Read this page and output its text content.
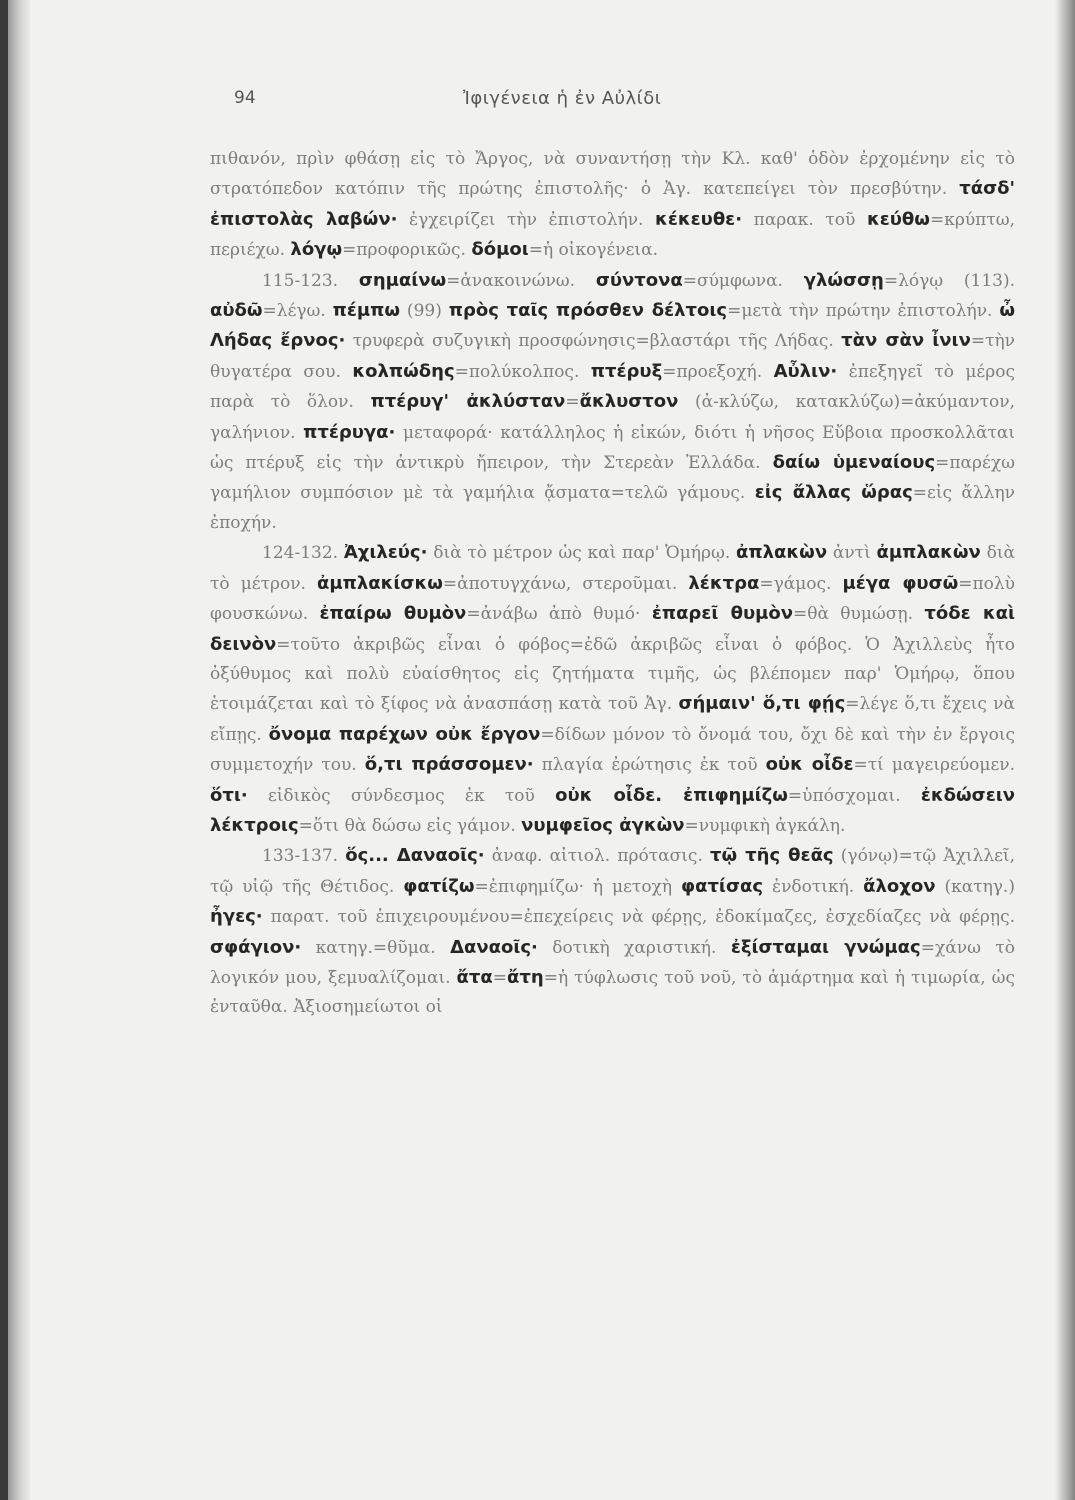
94	Ἰφιγένεια ἡ ἐν Αὐλίδι

πιθανόν, πρὶν φθάσῃ εἰς τὸ Ἄργος, νὰ συναντήσῃ τὴν Κλ. καθ' ὁδὸν ἐρχομένην εἰς τὸ στρατόπεδον κατόπιν τῆς πρώτης ἐπιστολῆς· ὁ Ἀγ. κατεπείγει τὸν πρεσβύτην. τάσδ' ἐπιστολὰς λαβών· ἐγχειρίζει τὴν ἐπιστολήν. κέκευθε· παρακ. τοῦ κεύθω=κρύπτω, περιέχω. λόγῳ=προφορικῶς. δόμοι=ἡ οἰκογένεια.

115-123. σημαίνω=ἀνακοινώνω. σύντονα=σύμφωνα. γλώσσῃ=λόγῳ (113). αὐδῶ=λέγω. πέμπω (99) πρὸς ταῖς πρόσθεν δέλτοις=μετὰ τὴν πρώτην ἐπιστολήν. ὦ Λήδας ἔρνος· τρυφερὰ συζυγικὴ προσφώνησις=βλαστάρι τῆς Λήδας. τὰν σὰν ἶνιν=τὴν θυγατέρα σου. κολπώδης=πολύκολπος. πτέρυξ=προεξοχή. Αὖλιν· ἐπεξηγεῖ τὸ μέρος παρὰ τὸ ὅλον. πτέρυγ' ἀκλύσταν=ἄκλυστον (ἀ-κλύζω, κατακλύζω)=ἀκύμαντον, γαλήνιον. πτέρυγα· μεταφορά· κατάλληλος ἡ εἰκών, διότι ἡ νῆσος Εὔβοια προσκολλᾶται ὡς πτέρυξ εἰς τὴν ἀντικρὺ ἤπειρον, τὴν Στερεὰν Ἑλλάδα. δαίω ὑμεναίους=παρέχω γαμήλιον συμπόσιον μὲ τὰ γαμήλια ᾄσματα=τελῶ γάμους. εἰς ἄλλας ὥρας=εἰς ἄλλην ἐποχήν.

124-132. Ἀχιλεύς· διὰ τὸ μέτρον ὡς καὶ παρ' Ὁμήρῳ. ἀπλακὼν ἀντὶ ἀμπλακὼν διὰ τὸ μέτρον. ἀμπλακίσκω=ἀποτυγχάνω, στεροῦμαι. λέκτρα=γάμος. μέγα φυσῶ=πολὺ φουσκώνω. ἐπαίρω θυμὸν=ἀνάβω ἀπὸ θυμό· ἐπαρεῖ θυμὸν=θὰ θυμώσῃ. τόδε καὶ δεινὸν=τοῦτο ἀκριβῶς εἶναι ὁ φόβος=ἐδῶ ἀκριβῶς εἶναι ὁ φόβος. Ὁ Ἀχιλλεὺς ἦτο ὀξύθυμος καὶ πολὺ εὐαίσθητος εἰς ζητήματα τιμῆς, ὡς βλέπομεν παρ' Ὁμήρῳ, ὅπου ἑτοιμάζεται καὶ τὸ ξίφος νὰ ἀνασπάσῃ κατὰ τοῦ Ἀγ. σήμαιν' ὅ,τι φῄς=λέγε ὅ,τι ἔχεις νὰ εἴπῃς. ὄνομα παρέχων οὐκ ἔργον=δίδων μόνον τὸ ὄνομά του, ὄχι δὲ καὶ τὴν ἐν ἔργοις συμμετοχήν του. ὅ,τι πράσσομεν· πλαγία ἐρώτησις ἐκ τοῦ οὐκ οἶδε=τί μαγειρεύομεν. ὅτι· εἰδικὸς σύνδεσμος ἐκ τοῦ οὐκ οἶδε. ἐπιφημίζω=ὑπόσχομαι. ἐκδώσειν λέκτροις=ὅτι θὰ δώσω εἰς γάμον. νυμφεῖος ἀγκὼν=νυμφικὴ ἀγκάλη.

133-137. ὅς... Δαναοῖς· ἀναφ. αἰτιολ. πρότασις. τῷ τῆς θεᾶς (γόνῳ)=τῷ Ἀχιλλεῖ, τῷ υἱῷ τῆς Θέτιδος. φατίζω=ἐπιφημίζω· ἡ μετοχὴ φατίσας ἐνδοτική. ἄλοχον (κατηγ.) ἦγες· παρατ. τοῦ ἐπιχειρουμένου=ἐπεχείρεις νὰ φέρῃς, ἐδοκίμαζες, ἐσχεδίαζες νὰ φέρῃς. σφάγιον· κατηγ.=θῦμα. Δαναοῖς· δοτικὴ χαριστική. ἐξίσταμαι γνώμας=χάνω τὸ λογικόν μου, ξεμυαλίζομαι. ἄτα=ἄτη=ἡ τύφλωσις τοῦ νοῦ, τὸ ἁμάρτημα καὶ ἡ τιμωρία, ὡς ἐνταῦθα. Ἀξιοσημείωτοι οἱ
